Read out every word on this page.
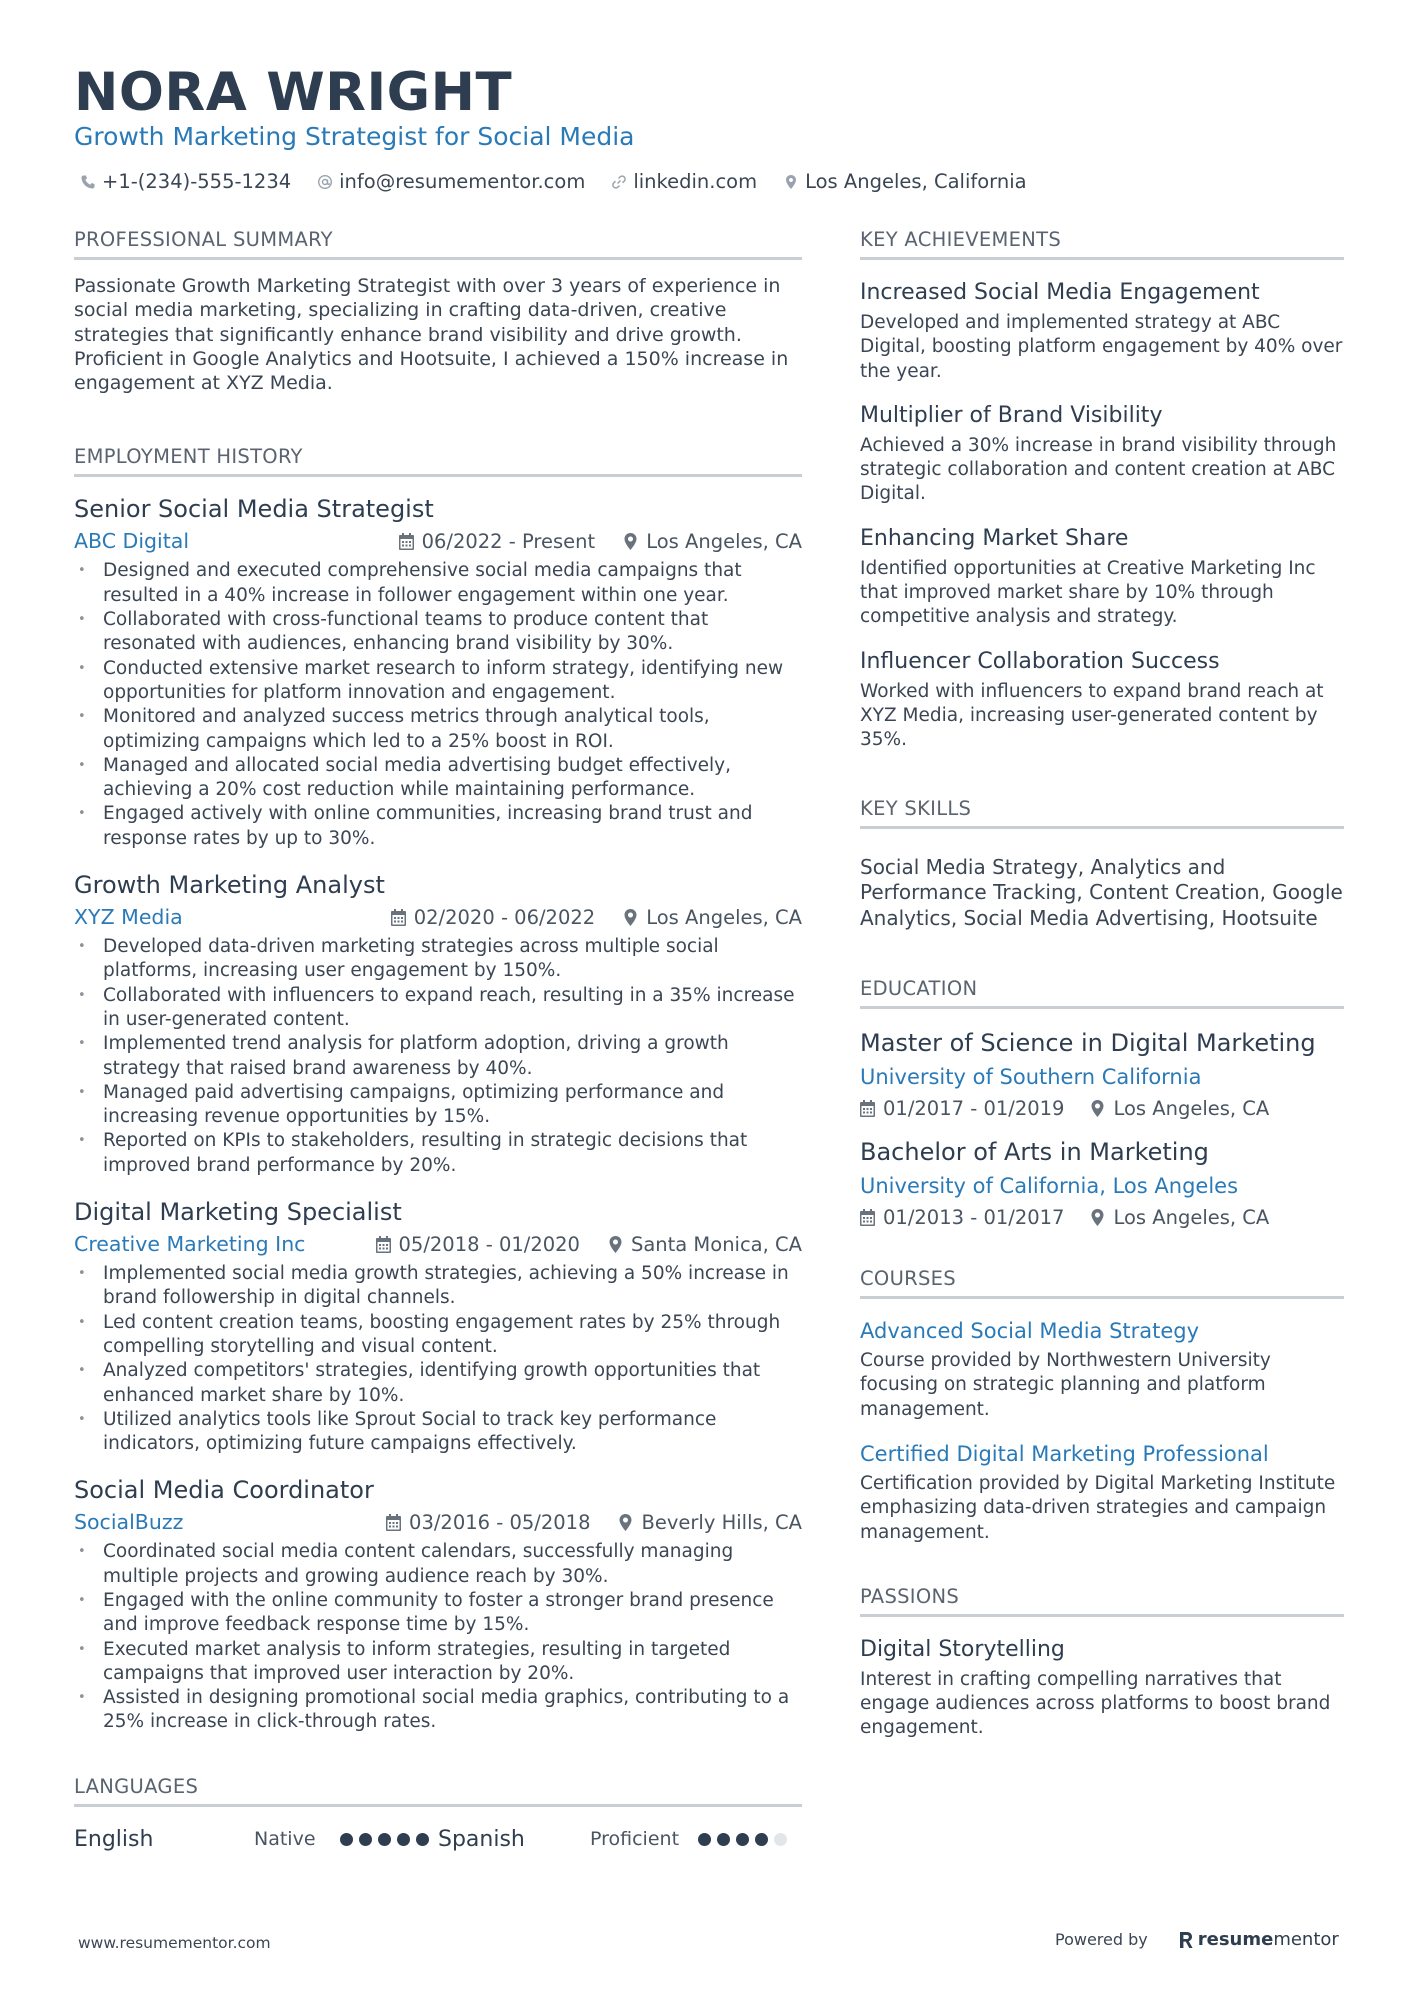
NORA WRIGHT
Growth Marketing Strategist for Social Media
+1-(234)-555-1234 info@resumementor.com linkedin.com Los Angeles, California
PROFESSIONAL SUMMARY
Passionate Growth Marketing Strategist with over 3 years of experience in social media marketing, specializing in crafting data-driven, creative strategies that significantly enhance brand visibility and drive growth. Proficient in Google Analytics and Hootsuite, I achieved a 150% increase in engagement at XYZ Media.
EMPLOYMENT HISTORY
Senior Social Media Strategist
ABC Digital	06/2022 - Present	Los Angeles, CA
• Designed and executed comprehensive social media campaigns that resulted in a 40% increase in follower engagement within one year.
• Collaborated with cross-functional teams to produce content that resonated with audiences, enhancing brand visibility by 30%.
• Conducted extensive market research to inform strategy, identifying new opportunities for platform innovation and engagement.
• Monitored and analyzed success metrics through analytical tools, optimizing campaigns which led to a 25% boost in ROI.
• Managed and allocated social media advertising budget effectively, achieving a 20% cost reduction while maintaining performance.
• Engaged actively with online communities, increasing brand trust and response rates by up to 30%.
Growth Marketing Analyst
XYZ Media	02/2020 - 06/2022	Los Angeles, CA
• Developed data-driven marketing strategies across multiple social platforms, increasing user engagement by 150%.
• Collaborated with influencers to expand reach, resulting in a 35% increase in user-generated content.
• Implemented trend analysis for platform adoption, driving a growth strategy that raised brand awareness by 40%.
• Managed paid advertising campaigns, optimizing performance and increasing revenue opportunities by 15%.
• Reported on KPIs to stakeholders, resulting in strategic decisions that improved brand performance by 20%.
Digital Marketing Specialist
Creative Marketing Inc	05/2018 - 01/2020	Santa Monica, CA
• Implemented social media growth strategies, achieving a 50% increase in brand followership in digital channels.
• Led content creation teams, boosting engagement rates by 25% through compelling storytelling and visual content.
• Analyzed competitors' strategies, identifying growth opportunities that enhanced market share by 10%.
• Utilized analytics tools like Sprout Social to track key performance indicators, optimizing future campaigns effectively.
Social Media Coordinator
SocialBuzz	03/2016 - 05/2018	Beverly Hills, CA
• Coordinated social media content calendars, successfully managing multiple projects and growing audience reach by 30%.
• Engaged with the online community to foster a stronger brand presence and improve feedback response time by 15%.
• Executed market analysis to inform strategies, resulting in targeted campaigns that improved user interaction by 20%.
• Assisted in designing promotional social media graphics, contributing to a 25% increase in click-through rates.
LANGUAGES
English	Native	Spanish	Proficient
KEY ACHIEVEMENTS
Increased Social Media Engagement
Developed and implemented strategy at ABC Digital, boosting platform engagement by 40% over the year.
Multiplier of Brand Visibility
Achieved a 30% increase in brand visibility through strategic collaboration and content creation at ABC Digital.
Enhancing Market Share
Identified opportunities at Creative Marketing Inc that improved market share by 10% through competitive analysis and strategy.
Influencer Collaboration Success
Worked with influencers to expand brand reach at XYZ Media, increasing user-generated content by 35%.
KEY SKILLS
Social Media Strategy, Analytics and Performance Tracking, Content Creation, Google Analytics, Social Media Advertising, Hootsuite
EDUCATION
Master of Science in Digital Marketing
University of Southern California
01/2017 - 01/2019	Los Angeles, CA
Bachelor of Arts in Marketing
University of California, Los Angeles
01/2013 - 01/2017	Los Angeles, CA
COURSES
Advanced Social Media Strategy
Course provided by Northwestern University focusing on strategic planning and platform management.
Certified Digital Marketing Professional
Certification provided by Digital Marketing Institute emphasizing data-driven strategies and campaign management.
PASSIONS
Digital Storytelling
Interest in crafting compelling narratives that engage audiences across platforms to boost brand engagement.
www.resumementor.com	Powered by	resume mentor
